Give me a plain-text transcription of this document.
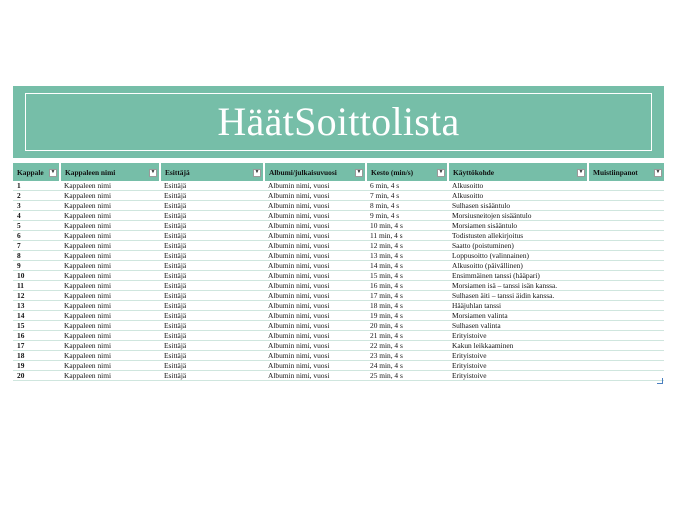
HäätSoittolista
Kappale ▼	Kappaleen nimi ▼	Esittäjä ▼	Albumi/julkaisuvuosi ▼	Kesto (min/s) ▼	Käyttökohde ▼	Muistiinpanot ▼

1	Kappaleen nimi	Esittäjä	Albumin nimi, vuosi	6 min, 4 s	Alkusoitto	
2	Kappaleen nimi	Esittäjä	Albumin nimi, vuosi	7 min, 4 s	Alkusoitto	
3	Kappaleen nimi	Esittäjä	Albumin nimi, vuosi	8 min, 4 s	Sulhasen sisääntulo	
4	Kappaleen nimi	Esittäjä	Albumin nimi, vuosi	9 min, 4 s	Morsiusneitojen sisääntulo	
5	Kappaleen nimi	Esittäjä	Albumin nimi, vuosi	10 min, 4 s	Morsiamen sisääntulo	
6	Kappaleen nimi	Esittäjä	Albumin nimi, vuosi	11 min, 4 s	Todistusten allekirjoitus	
7	Kappaleen nimi	Esittäjä	Albumin nimi, vuosi	12 min, 4 s	Saatto (poistuminen)	
8	Kappaleen nimi	Esittäjä	Albumin nimi, vuosi	13 min, 4 s	Loppusoitto (valinnainen)	
9	Kappaleen nimi	Esittäjä	Albumin nimi, vuosi	14 min, 4 s	Alkusoitto (päivällinen)	
10	Kappaleen nimi	Esittäjä	Albumin nimi, vuosi	15 min, 4 s	Ensimmäinen tanssi (hääpari)	
11	Kappaleen nimi	Esittäjä	Albumin nimi, vuosi	16 min, 4 s	Morsiamen isä – tanssi isän kanssa.	
12	Kappaleen nimi	Esittäjä	Albumin nimi, vuosi	17 min, 4 s	Sulhasen äiti – tanssi äidin kanssa.	
13	Kappaleen nimi	Esittäjä	Albumin nimi, vuosi	18 min, 4 s	Hääjuhlan tanssi	
14	Kappaleen nimi	Esittäjä	Albumin nimi, vuosi	19 min, 4 s	Morsiamen valinta	
15	Kappaleen nimi	Esittäjä	Albumin nimi, vuosi	20 min, 4 s	Sulhasen valinta	
16	Kappaleen nimi	Esittäjä	Albumin nimi, vuosi	21 min, 4 s	Erityistoive	
17	Kappaleen nimi	Esittäjä	Albumin nimi, vuosi	22 min, 4 s	Kakun leikkaaminen	
18	Kappaleen nimi	Esittäjä	Albumin nimi, vuosi	23 min, 4 s	Erityistoive	
19	Kappaleen nimi	Esittäjä	Albumin nimi, vuosi	24 min, 4 s	Erityistoive	
20	Kappaleen nimi	Esittäjä	Albumin nimi, vuosi	25 min, 4 s	Erityistoive	
